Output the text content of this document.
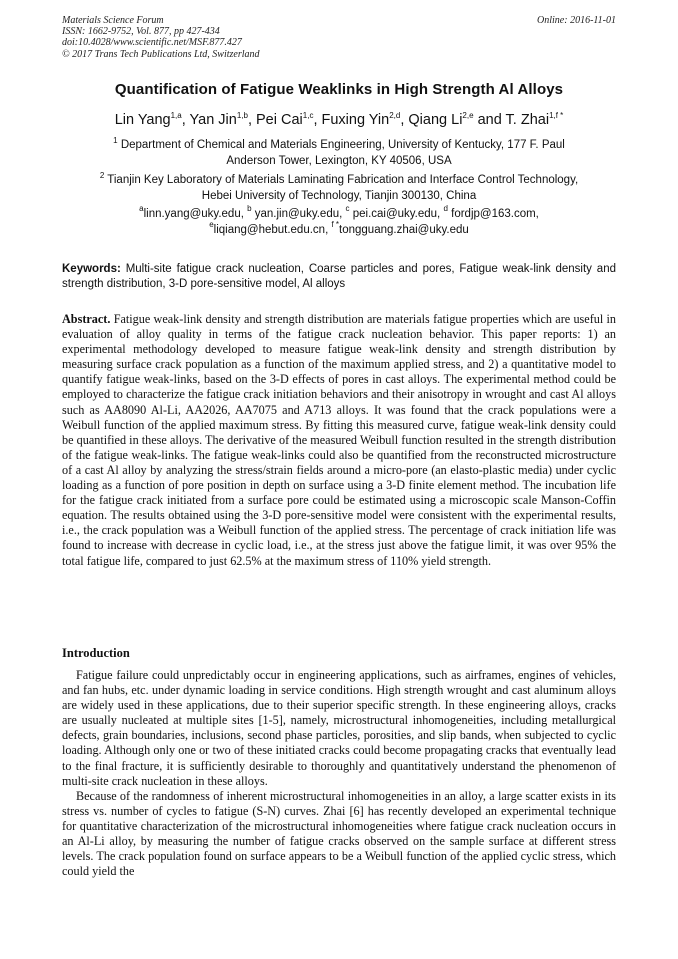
Materials Science Forum
ISSN: 1662-9752, Vol. 877, pp 427-434
doi:10.4028/www.scientific.net/MSF.877.427
© 2017 Trans Tech Publications Ltd, Switzerland
Online: 2016-11-01
Quantification of Fatigue Weaklinks in High Strength Al Alloys
Lin Yang$^{1,a}$, Yan Jin$^{1,b}$, Pei Cai$^{1,c}$, Fuxing Yin$^{2,d}$, Qiang Li$^{2,e}$ and T. Zhai$^{1,f *}$
$^1$ Department of Chemical and Materials Engineering, University of Kentucky, 177 F. Paul
Anderson Tower, Lexington, KY 40506, USA
$^2$ Tianjin Key Laboratory of Materials Laminating Fabrication and Interface Control Technology,
Hebei University of Technology, Tianjin 300130, China
$^a$linn.yang@uky.edu, $^b$ yan.jin@uky.edu, $^c$ pei.cai@uky.edu, $^d$ fordjp@163.com,
$^e$liqiang@hebut.edu.cn, $^{f *}$tongguang.zhai@uky.edu
Keywords: Multi-site fatigue crack nucleation, Coarse particles and pores, Fatigue weak-link density and strength distribution, 3-D pore-sensitive model, Al alloys
Abstract. Fatigue weak-link density and strength distribution are materials fatigue properties which are useful in evaluation of alloy quality in terms of the fatigue crack nucleation behavior. This paper reports: 1) an experimental methodology developed to measure fatigue weak-link density and strength distribution by measuring surface crack population as a function of the maximum applied stress, and 2) a quantitative model to quantify fatigue weak-links, based on the 3-D effects of pores in cast alloys. The experimental method could be employed to characterize the fatigue crack initiation behaviors and their anisotropy in wrought and cast Al alloys such as AA8090 Al-Li, AA2026, AA7075 and A713 alloys. It was found that the crack populations were a Weibull function of the applied maximum stress. By fitting this measured curve, fatigue weak-link density could be quantified in these alloys. The derivative of the measured Weibull function resulted in the strength distribution of the fatigue weak-links. The fatigue weak-links could also be quantified from the reconstructed microstructure of a cast Al alloy by analyzing the stress/strain fields around a micro-pore (an elasto-plastic media) under cyclic loading as a function of pore position in depth on surface using a 3-D finite element method. The incubation life for the fatigue crack initiated from a surface pore could be estimated using a microscopic scale Manson-Coffin equation. The results obtained using the 3-D pore-sensitive model were consistent with the experimental results, i.e., the crack population was a Weibull function of the applied stress. The percentage of crack initiation life was found to increase with decrease in cyclic load, i.e., at the stress just above the fatigue limit, it was over 95% the total fatigue life, compared to just 62.5% at the maximum stress of 110% yield strength.
Introduction

Fatigue failure could unpredictably occur in engineering applications, such as airframes, engines of vehicles, and fan hubs, etc. under dynamic loading in service conditions. High strength wrought and cast aluminum alloys are widely used in these applications, due to their superior specific strength. In these engineering alloys, cracks are usually nucleated at multiple sites [1-5], namely, microstructural inhomogeneities, including metallurgical defects, grain boundaries, inclusions, second phase particles, porosities, and slip bands, when subjected to cyclic loading. Although only one or two of these initiated cracks could become propagating cracks that eventually lead to the final fracture, it is sufficiently desirable to thoroughly and quantitatively understand the phenomenon of multi-site crack nucleation in these alloys.

Because of the randomness of inherent microstructural inhomogeneities in an alloy, a large scatter exists in its stress vs. number of cycles to fatigue (S-N) curves. Zhai [6] has recently developed an experimental technique for quantitative characterization of the microstructural inhomogeneities where fatigue crack nucleation occurs in an Al-Li alloy, by measuring the number of fatigue cracks observed on the sample surface at different stress levels. The crack population found on surface appears to be a Weibull function of the applied cyclic stress, which could yield the
